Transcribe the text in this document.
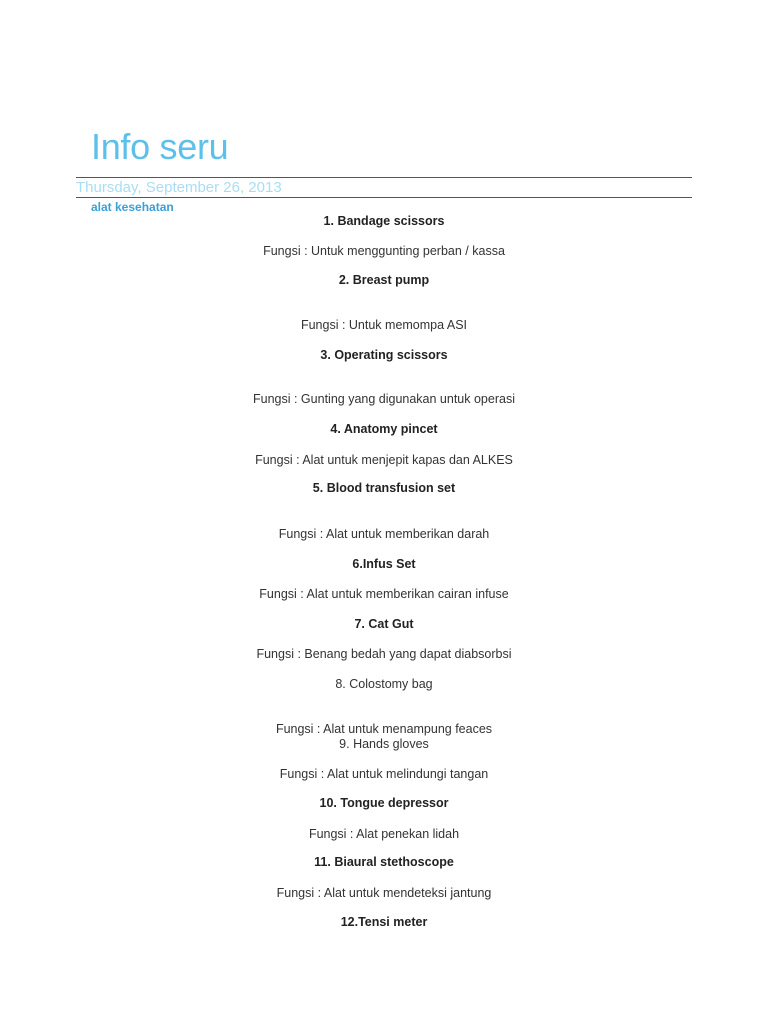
Info seru
Thursday, September 26, 2013
alat kesehatan
1. Bandage scissors
Fungsi : Untuk menggunting perban / kassa
2. Breast pump
Fungsi : Untuk memompa ASI
3. Operating scissors
Fungsi : Gunting yang digunakan untuk operasi
4. Anatomy pincet
Fungsi : Alat untuk menjepit kapas dan ALKES
5. Blood transfusion set
Fungsi : Alat untuk memberikan darah
6.Infus Set
Fungsi : Alat untuk memberikan cairan infuse
7. Cat Gut
Fungsi : Benang bedah yang dapat diabsorbsi
8. Colostomy bag
Fungsi : Alat untuk menampung feaces
9. Hands gloves
Fungsi : Alat untuk melindungi tangan
10. Tongue depressor
Fungsi : Alat penekan lidah
11. Biaural stethoscope
Fungsi : Alat untuk mendeteksi jantung
12.Tensi meter
